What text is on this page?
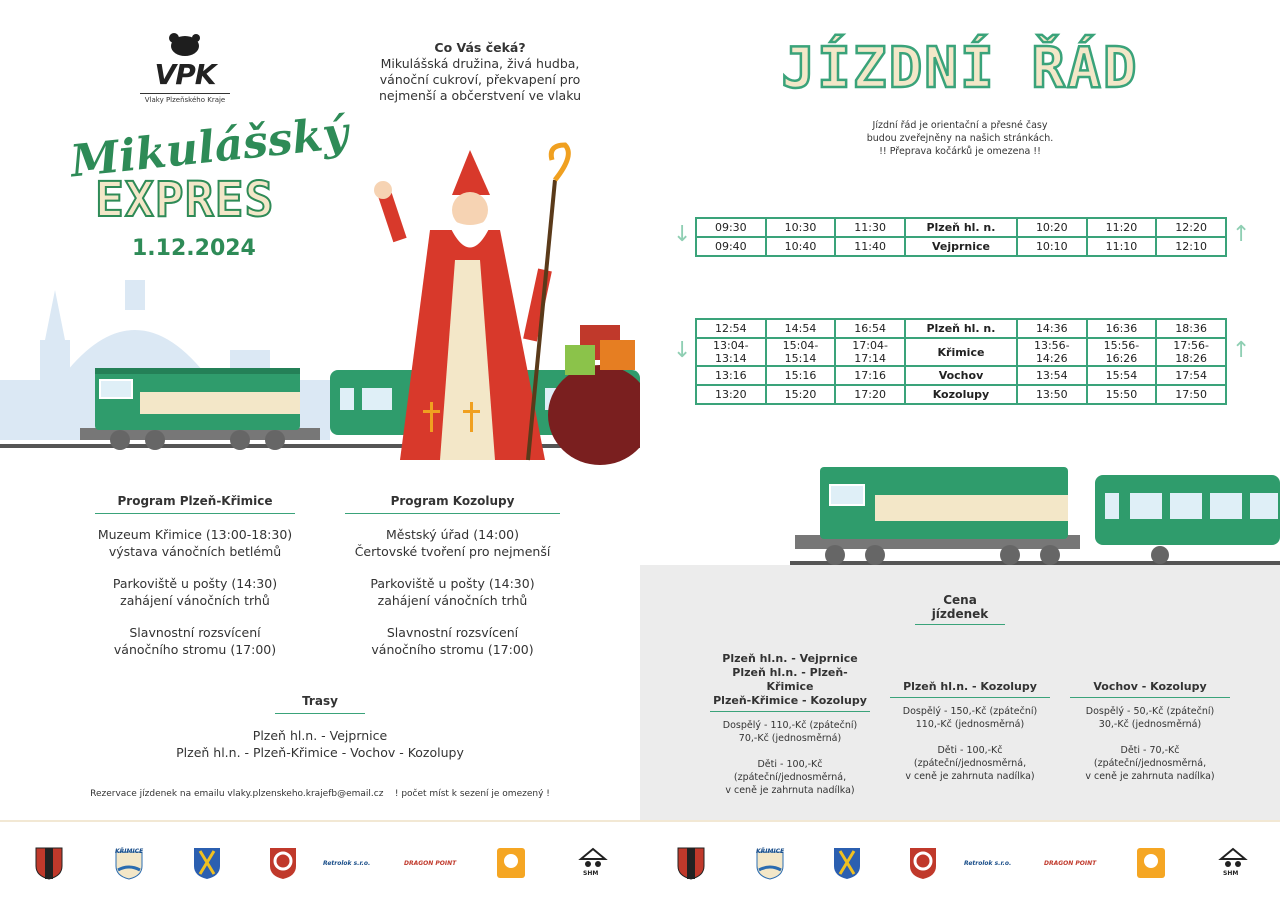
VPK
Vlaky Plzeňského Kraje
Mikulášský
EXPRES
1.12.2024
Co Vás čeká?
Mikulášská družina, živá hudba,
vánoční cukroví, překvapení pro
nejmenší a občerstvení ve vlaku
Program Plzeň-Křimice
Muzeum Křimice (13:00-18:30)
výstava vánočních betlémů
Parkoviště u pošty (14:30)
zahájení vánočních trhů
Slavnostní rozsvícení
vánočního stromu (17:00)
Program Kozolupy
Městský úřad (14:00)
Čertovské tvoření pro nejmenší
Parkoviště u pošty (14:30)
zahájení vánočních trhů
Slavnostní rozsvícení
vánočního stromu (17:00)
Trasy
Plzeň hl.n. - Vejprnice
Plzeň hl.n. - Plzeň-Křimice - Vochov - Kozolupy
Rezervace jízdenek na emailu vlaky.plzenskeho.krajefb@email.cz    ! počet míst k sezení je omezený !
JÍZDNÍ ŘÁD
Jízdní řád je orientační a přesné časy
budou zveřejněny na našich stránkách.
!! Přeprava kočárků je omezena !!
↓ 09:30	10:30	11:30	Plzeň hl. n.	10:20	11:20	12:20
09:40	10:40	11:40	Vejprnice	10:10	11:10	12:10 ↑
↓
12:54	14:54	16:54	Plzeň hl. n.	14:36	16:36	18:36
13:04-13:14	15:04-15:14	17:04-17:14	Křimice	13:56-14:26	15:56-16:26	17:56-18:26
13:16	15:16	17:16	Vochov	13:54	15:54	17:54
13:20	15:20	17:20	Kozolupy	13:50	15:50	17:50
↑
Cena jízdenek
Plzeň hl.n. - Vejprnice
Plzeň hl.n. - Plzeň-Křimice
Plzeň-Křimice - Kozolupy
Dospělý - 110,-Kč (zpáteční)
70,-Kč (jednosměrná)
Děti - 100,-Kč
(zpáteční/jednosměrná,
v ceně je zahrnuta nadílka)
Plzeň hl.n. - Kozolupy
Dospělý - 150,-Kč (zpáteční)
110,-Kč (jednosměrná)
Děti - 100,-Kč
(zpáteční/jednosměrná,
v ceně je zahrnuta nadílka)
Vochov - Kozolupy
Dospělý - 50,-Kč (zpáteční)
30,-Kč (jednosměrná)
Děti - 70,-Kč
(zpáteční/jednosměrná,
v ceně je zahrnuta nadílka)
KŘIMICE
Retrolok s.r.o.	DRAGON POINT
SHM
KŘIMICE
Retrolok s.r.o.	DRAGON POINT
SHM
